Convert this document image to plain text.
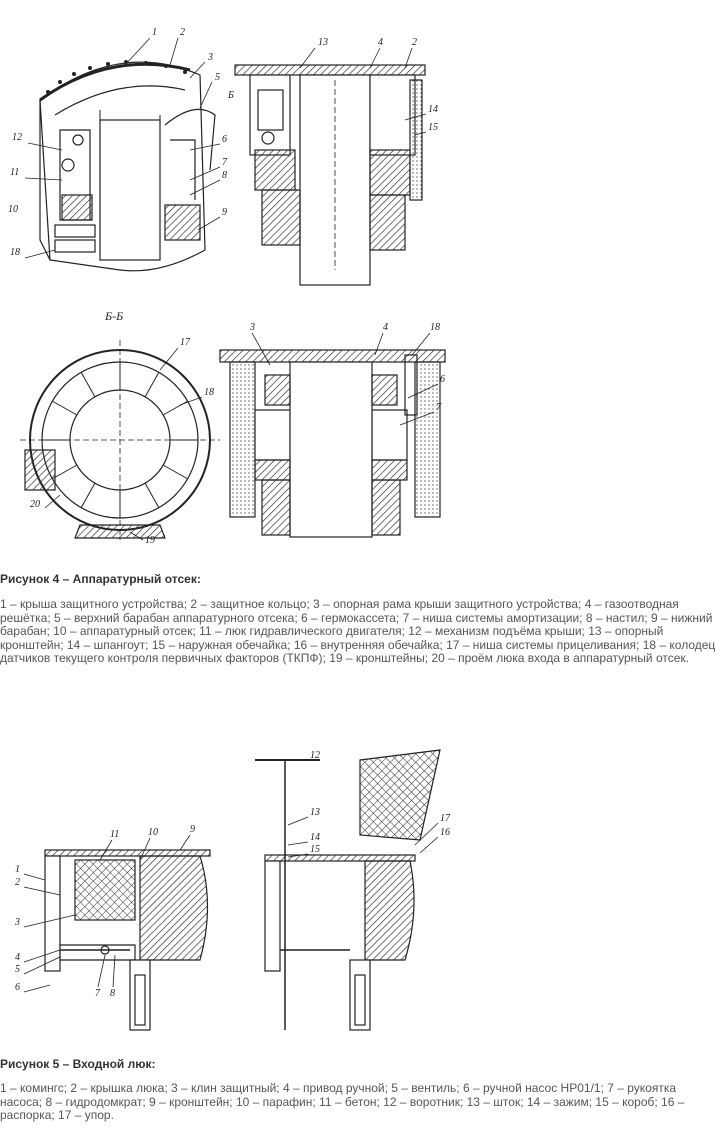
1 2
3
5
6
7
8
9
10
11
12
18
13	4	2
14
15
Б
Б-Б
17
18
20
19
3	4	18
6
7
Рисунок 4 – Аппаратурный отсек:
1 – крыша защитного устройства; 2 – защитное кольцо; 3 – опорная рама крыши защитного устройства; 4 – газоотводная решётка; 5 – верхний барабан аппаратурного отсека; 6 – гермокассета; 7 – ниша системы амортизации; 8 – настил; 9 – нижний барабан; 10 – аппаратурный отсек; 11 – люк гидравлического двигателя; 12 – механизм подъёма крыши; 13 – опорный кронштейн; 14 – шпангоут; 15 – наружная обечайка; 16 – внутренняя обечайка; 17 – ниша системы прицеливания; 18 – колодец датчиков текущего контроля первичных факторов (ТКПФ); 19 – кронштейны; 20 – проём люка входа в аппаратурный отсек.
11	10	9
1
2
3
4
5
6
7 8
12
13
14
15
17
16
Рисунок 5 – Входной люк:
1 – комингс; 2 – крышка люка; 3 – клин защитный; 4 – привод ручной; 5 – вентиль; 6 – ручной насос НР01/1; 7 – рукоятка насоса; 8 – гидродомкрат; 9 – кронштейн; 10 – парафин; 11 – бетон; 12 – воротник; 13 – шток; 14 – зажим; 15 – короб; 16 – распорка; 17 – упор.
